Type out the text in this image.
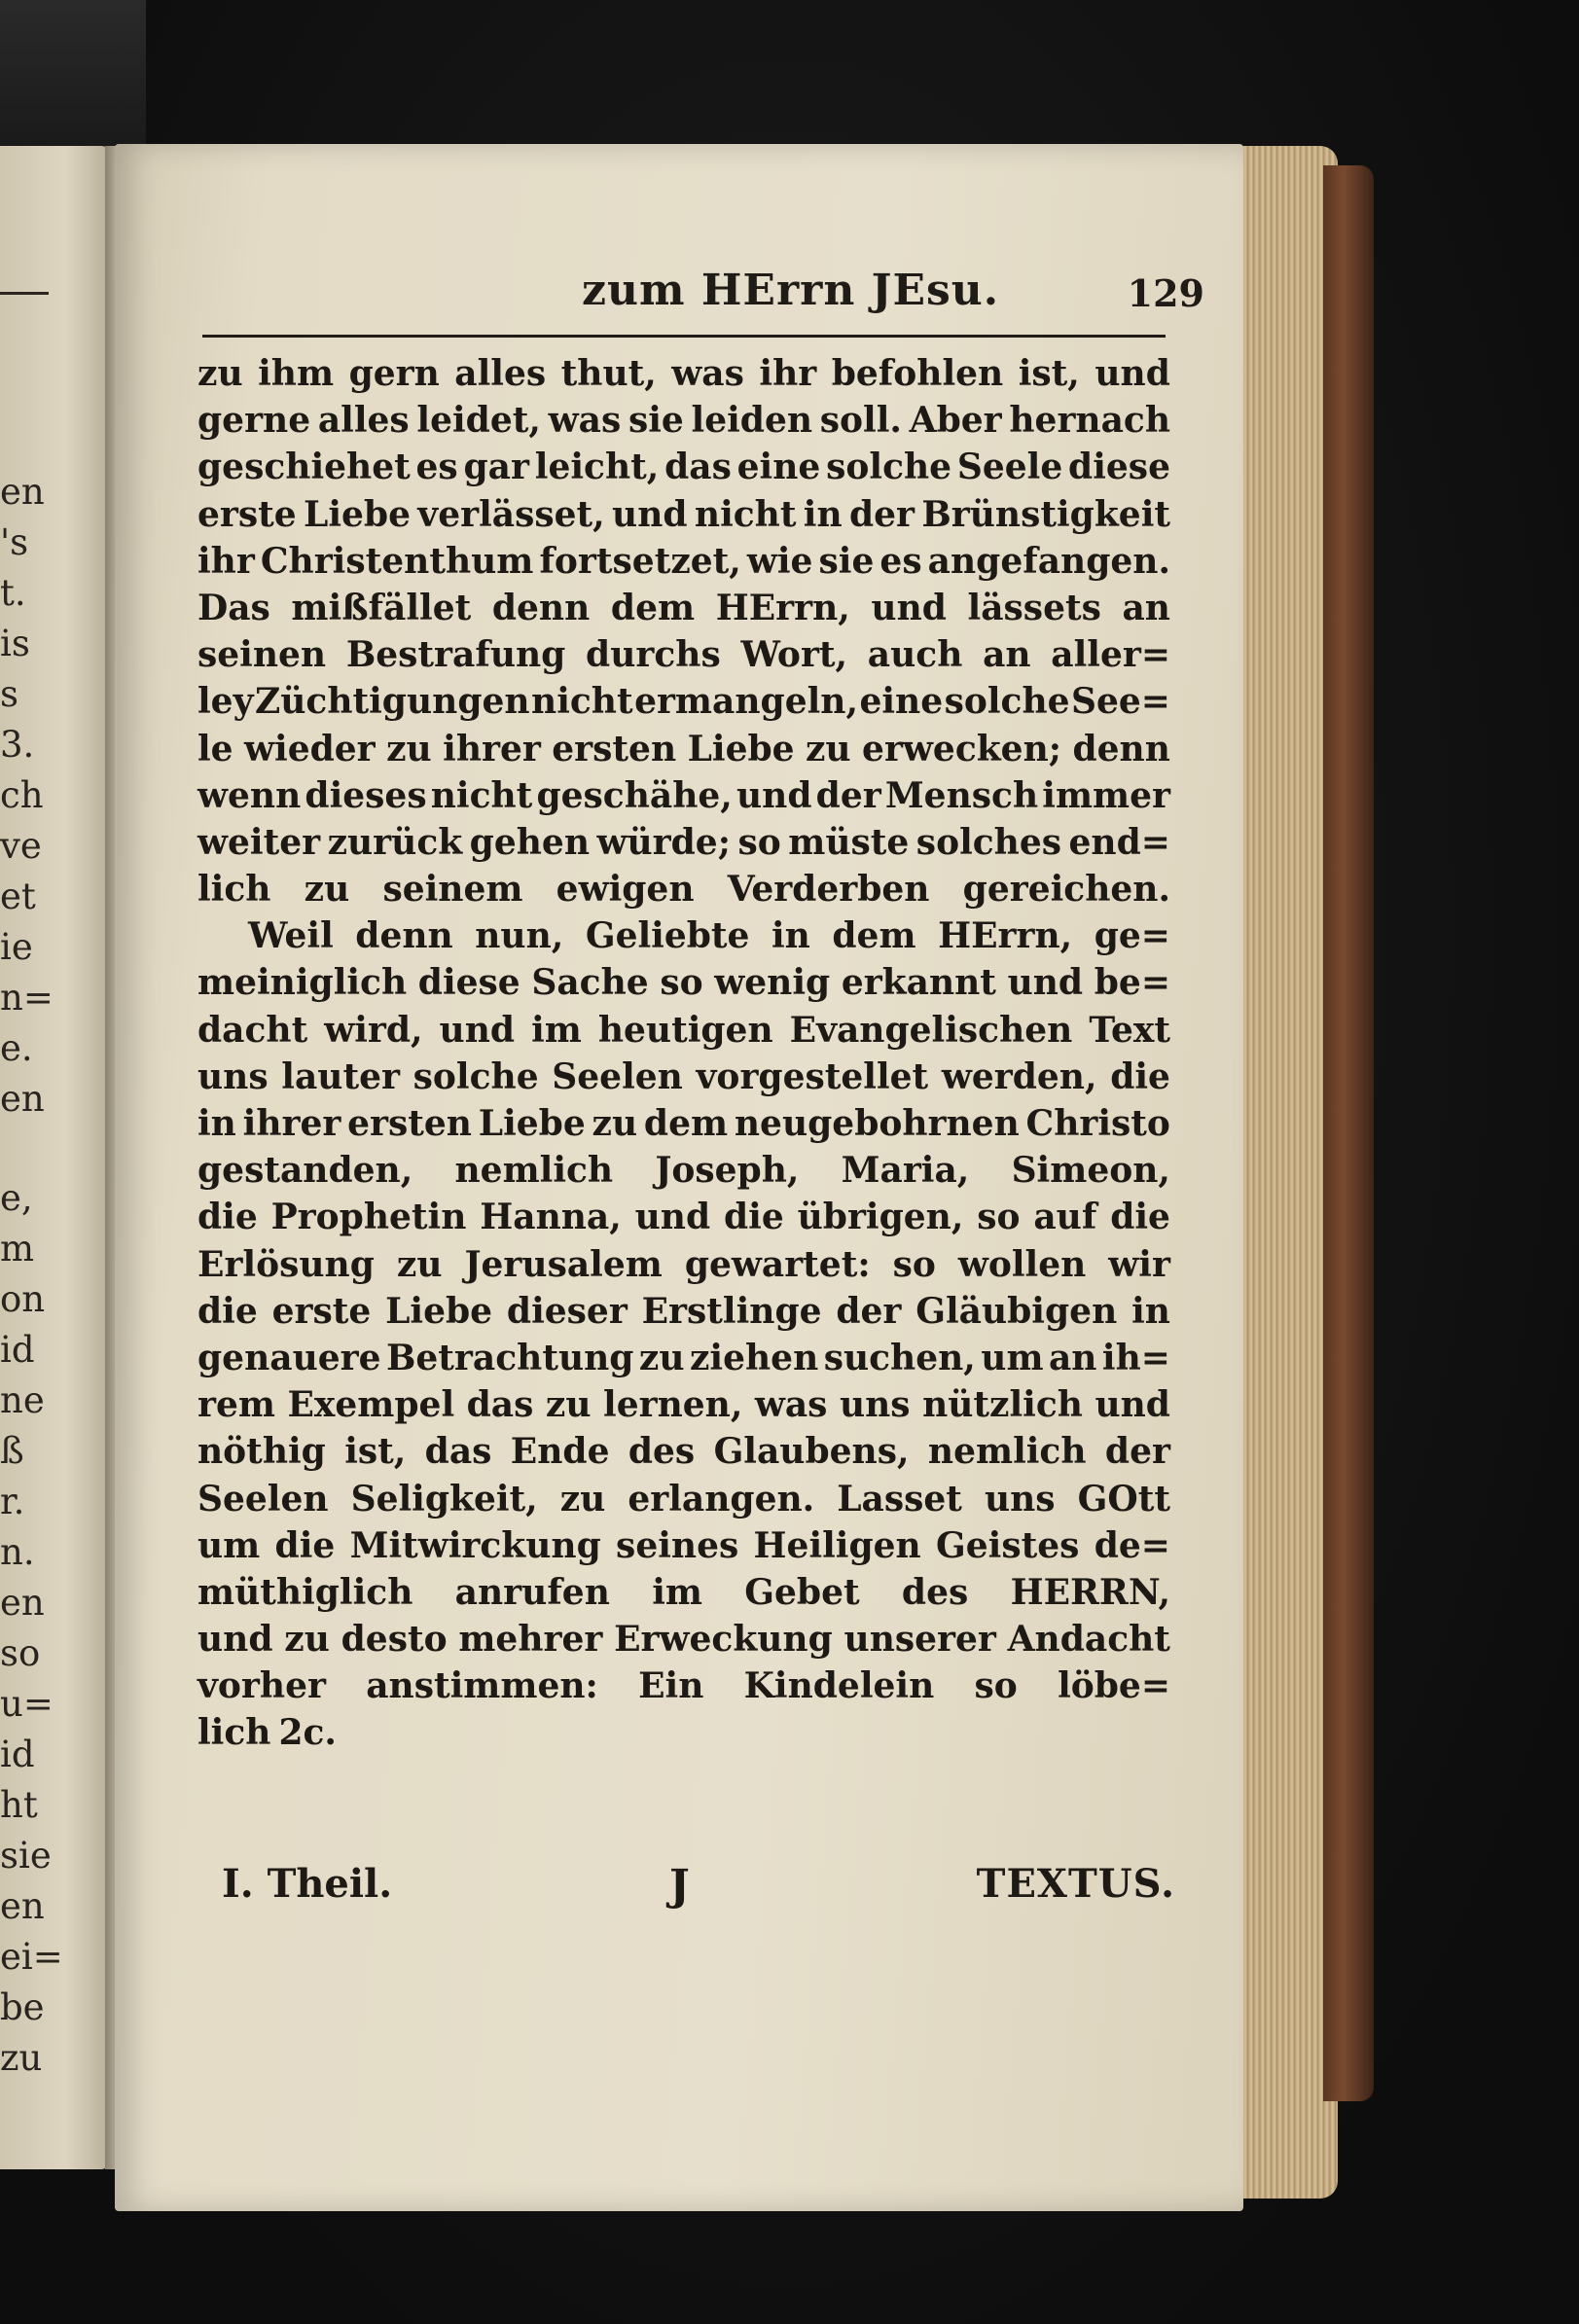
en
's
t.
is
s
3.
ch
ve
et
ie
n=
e.
en
e,
m
on
id
ne
ß
r.
n.
en
so
u=
id
ht
sie
en
ei=
be
zu
zum HErrn JEsu.	129
zu ihm gern alles thut, was ihr befohlen ist, und
gerne alles leidet, was sie leiden soll. Aber hernach
geschiehet es gar leicht, das eine solche Seele diese
erste Liebe verlässet, und nicht in der Brünstigkeit
ihr Christenthum fortsetzet, wie sie es angefangen.
Das mißfället denn dem HErrn, und lässets an
seinen Bestrafung durchs Wort, auch an aller=
ley Züchtigungen nicht ermangeln, eine solche See=
le wieder zu ihrer ersten Liebe zu erwecken; denn
wenn dieses nicht geschähe, und der Mensch immer
weiter zurück gehen würde; so müste solches end=
lich zu seinem ewigen Verderben gereichen.
Weil denn nun, Geliebte in dem HErrn, ge=
meiniglich diese Sache so wenig erkannt und be=
dacht wird, und im heutigen Evangelischen Text
uns lauter solche Seelen vorgestellet werden, die
in ihrer ersten Liebe zu dem neugebohrnen Christo
gestanden, nemlich Joseph, Maria, Simeon,
die Prophetin Hanna, und die übrigen, so auf die
Erlösung zu Jerusalem gewartet: so wollen wir
die erste Liebe dieser Erstlinge der Gläubigen in
genauere Betrachtung zu ziehen suchen, um an ih=
rem Exempel das zu lernen, was uns nützlich und
nöthig ist, das Ende des Glaubens, nemlich der
Seelen Seligkeit, zu erlangen. Lasset uns GOtt
um die Mitwirckung seines Heiligen Geistes de=
müthiglich anrufen im Gebet des HERRN,
und zu desto mehrer Erweckung unserer Andacht
vorher anstimmen: Ein Kindelein so löbe=
lich 2c.
I. Theil.	J	TEXTUS.
